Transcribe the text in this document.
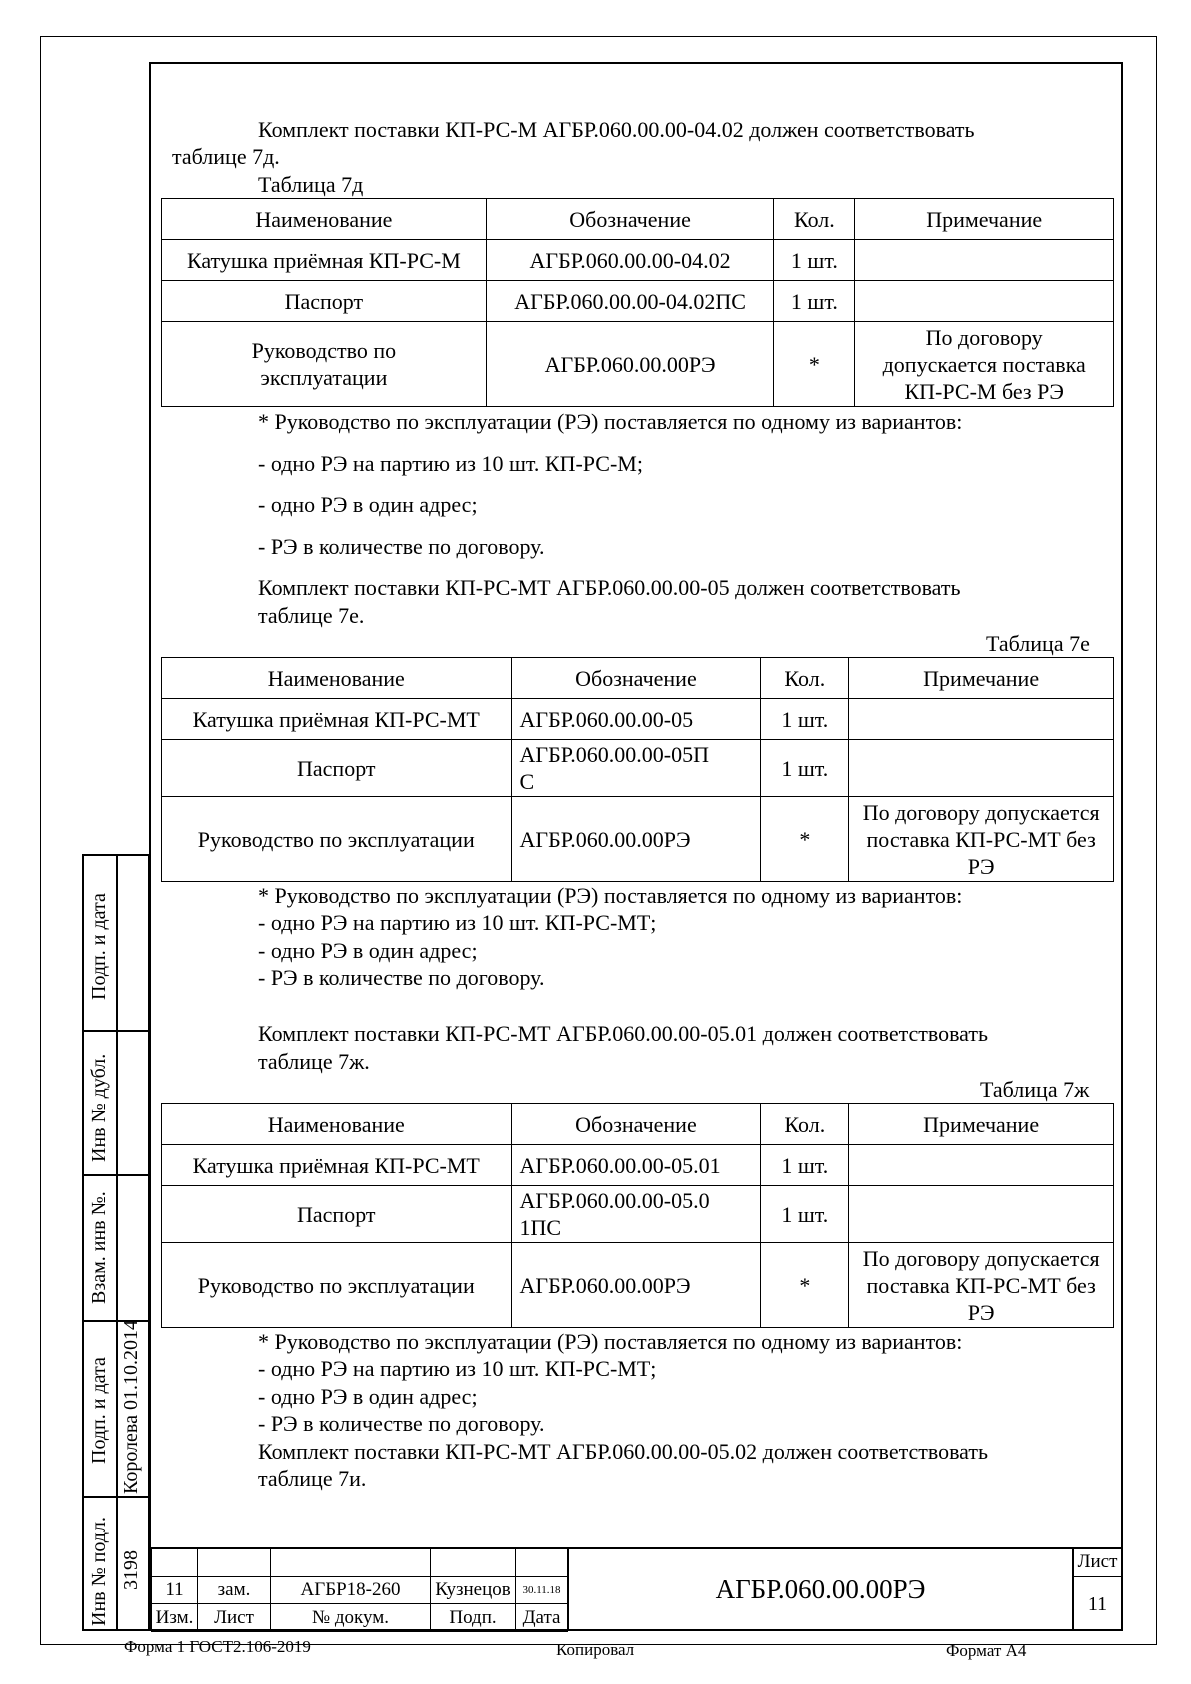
Комплект поставки КП-РС-М АГБР.060.00.00-04.02 должен соответствовать
таблице 7д.
Таблица 7д
Наименование	Обозначение	Кол.	Примечание
Катушка приёмная КП-РС-М	АГБР.060.00.00-04.02	1 шт.	
Паспорт	АГБР.060.00.00-04.02ПС	1 шт.	
Руководство по эксплуатации	АГБР.060.00.00РЭ	*	По договору допускается поставка КП-РС-М без РЭ
* Руководство по эксплуатации (РЭ) поставляется по одному из вариантов:
- одно РЭ на партию из 10 шт. КП-РС-М;
- одно РЭ в один адрес;
- РЭ в количестве по договору.
Комплект поставки КП-РС-МТ АГБР.060.00.00-05 должен соответствовать
таблице 7е.
Таблица 7е
Наименование	Обозначение	Кол.	Примечание
Катушка приёмная КП-РС-МТ	АГБР.060.00.00-05	1 шт.	
Паспорт	АГБР.060.00.00-05ПС	1 шт.	
Руководство по эксплуатации	АГБР.060.00.00РЭ	*	По договору допускается поставка КП-РС-МТ без РЭ
* Руководство по эксплуатации (РЭ) поставляется по одному из вариантов:
- одно РЭ на партию из 10 шт. КП-РС-МТ;
- одно РЭ в один адрес;
- РЭ в количестве по договору.
Комплект поставки КП-РС-МТ АГБР.060.00.00-05.01 должен соответствовать
таблице 7ж.
Таблица 7ж
Наименование	Обозначение	Кол.	Примечание
Катушка приёмная КП-РС-МТ	АГБР.060.00.00-05.01	1 шт.	
Паспорт	АГБР.060.00.00-05.01ПС	1 шт.	
Руководство по эксплуатации	АГБР.060.00.00РЭ	*	По договору допускается поставка КП-РС-МТ без РЭ
* Руководство по эксплуатации (РЭ) поставляется по одному из вариантов:
- одно РЭ на партию из 10 шт. КП-РС-МТ;
- одно РЭ в один адрес;
- РЭ в количестве по договору.
Комплект поставки КП-РС-МТ АГБР.060.00.00-05.02 должен соответствовать
таблице 7и.
Подп. и дата
Инв № дубл.
Взам. инв №.
Подп. и дата Королева 01.10.2014
Инв № подл. 3198
				11	зам.	АГБР18-260	Кузнецов	30.11.18
Изм.	Лист	№ докум.	Подп.	Дата
АГБР.060.00.00РЭ
Лист
11
Форма 1 ГОСТ2.106-2019	Копировал	Формат А4
